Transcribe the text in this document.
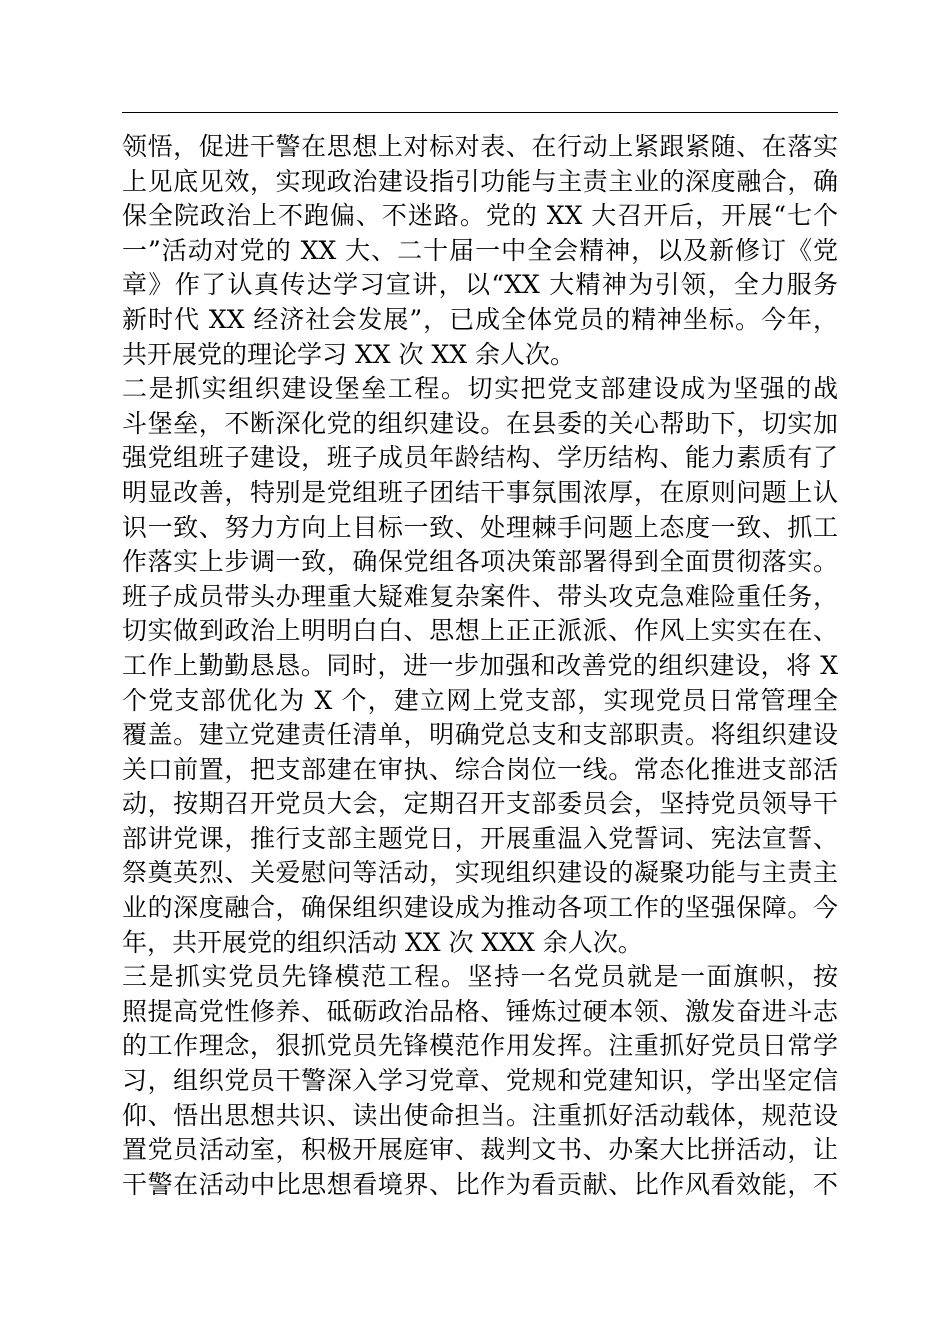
领悟，促进干警在思想上对标对表、在行动上紧跟紧随、在落实
上见底见效，实现政治建设指引功能与主责主业的深度融合，确
保全院政治上不跑偏、不迷路。党的 XX 大召开后，开展“七个
一”活动对党的 XX 大、二十届一中全会精神，以及新修订《党
章》作了认真传达学习宣讲，以“XX 大精神为引领，全力服务
新时代 XX 经济社会发展”，已成全体党员的精神坐标。今年，
共开展党的理论学习 XX 次 XX 余人次。
二是抓实组织建设堡垒工程。切实把党支部建设成为坚强的战
斗堡垒，不断深化党的组织建设。在县委的关心帮助下，切实加
强党组班子建设，班子成员年龄结构、学历结构、能力素质有了
明显改善，特别是党组班子团结干事氛围浓厚，在原则问题上认
识一致、努力方向上目标一致、处理棘手问题上态度一致、抓工
作落实上步调一致，确保党组各项决策部署得到全面贯彻落实。
班子成员带头办理重大疑难复杂案件、带头攻克急难险重任务，
切实做到政治上明明白白、思想上正正派派、作风上实实在在、
工作上勤勤恳恳。同时，进一步加强和改善党的组织建设，将 X
个党支部优化为 X 个，建立网上党支部，实现党员日常管理全
覆盖。建立党建责任清单，明确党总支和支部职责。将组织建设
关口前置，把支部建在审执、综合岗位一线。常态化推进支部活
动，按期召开党员大会，定期召开支部委员会，坚持党员领导干
部讲党课，推行支部主题党日，开展重温入党誓词、宪法宣誓、
祭奠英烈、关爱慰问等活动，实现组织建设的凝聚功能与主责主
业的深度融合，确保组织建设成为推动各项工作的坚强保障。今
年，共开展党的组织活动 XX 次 XXX 余人次。
三是抓实党员先锋模范工程。坚持一名党员就是一面旗帜，按
照提高党性修养、砥砺政治品格、锤炼过硬本领、激发奋进斗志
的工作理念，狠抓党员先锋模范作用发挥。注重抓好党员日常学
习，组织党员干警深入学习党章、党规和党建知识，学出坚定信
仰、悟出思想共识、读出使命担当。注重抓好活动载体，规范设
置党员活动室，积极开展庭审、裁判文书、办案大比拼活动，让
干警在活动中比思想看境界、比作为看贡献、比作风看效能，不
